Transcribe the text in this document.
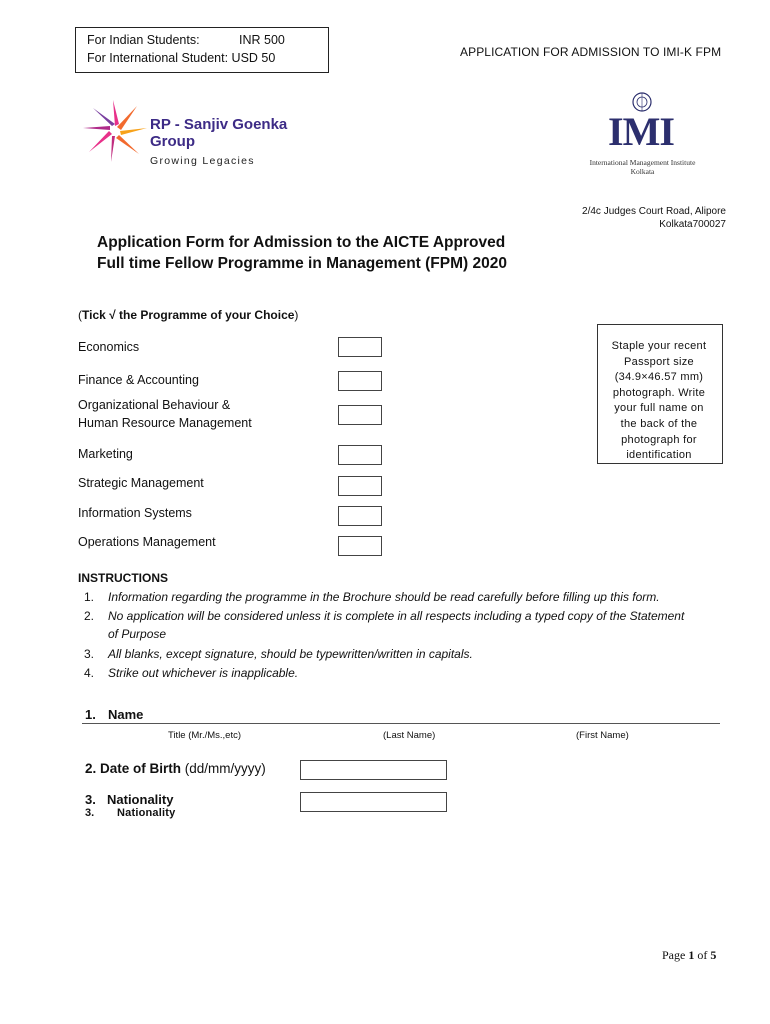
For Indian Students:	INR 500
For International Student: USD 50	APPLICATION FOR ADMISSION TO IMI-K FPM
RP - Sanjiv Goenka
Group
Growing Legacies
IMI
International Management Institute
Kolkata
2/4c Judges Court Road, Alipore
Kolkata700027
Application Form for Admission to the AICTE Approved
Full time Fellow Programme in Management (FPM) 2020
(Tick √ the Programme of your Choice)
Economics
Finance & Accounting
Organizational Behaviour &
Human Resource Management
Marketing
Strategic Management
Information Systems
Operations Management
Staple your recent
Passport size
(34.9×46.57 mm)
photograph. Write
your full name on
the back of the
photograph for
identification
INSTRUCTIONS
1. Information regarding the programme in the Brochure should be read carefully before filling up this form.
2. No application will be considered unless it is complete in all respects including a typed copy of the Statement
of Purpose
3. All blanks, except signature, should be typewritten/written in capitals.
4. Strike out whichever is inapplicable.
1. Name
Title (Mr./Ms.,etc)	(Last Name)	(First Name)
2. Date of Birth (dd/mm/yyyy)
3. Nationality
3. Nationality
Page 1 of 5
